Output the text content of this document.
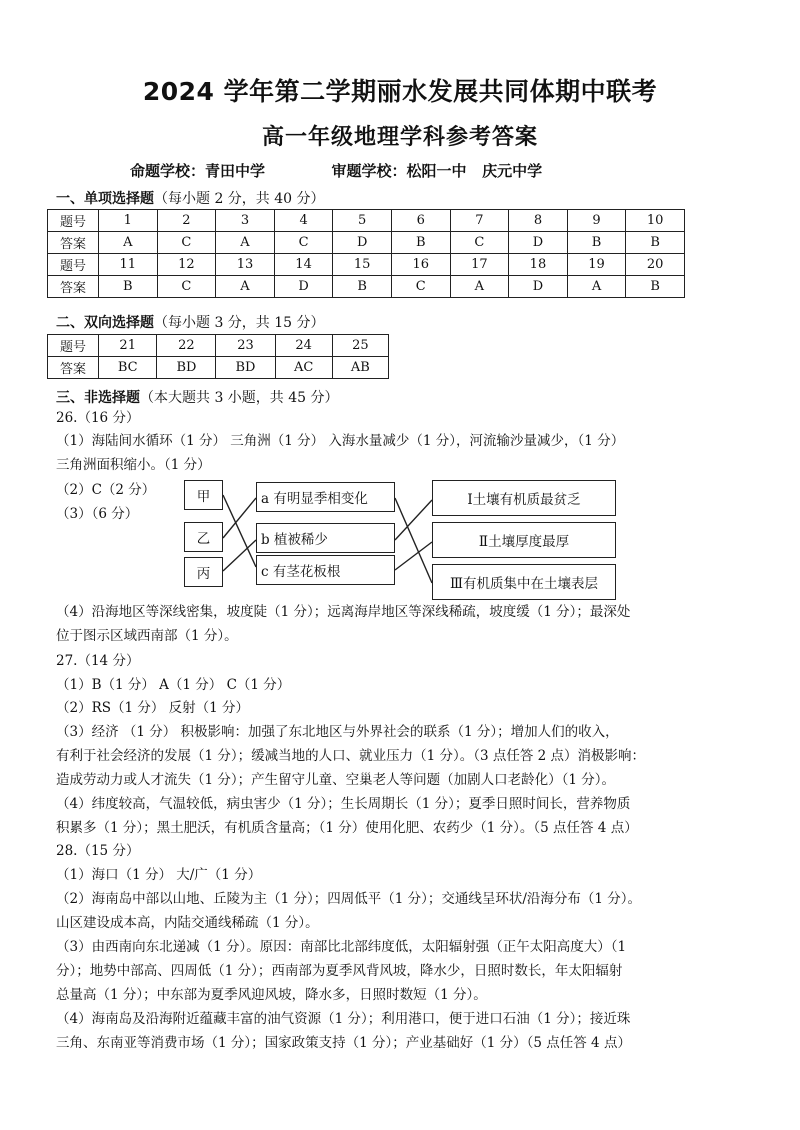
2024 学年第二学期丽水发展共同体期中联考
高一年级地理学科参考答案
命题学校：青田中学	审题学校：松阳一中   庆元中学
一、单项选择题（每小题 2 分，共 40 分）
题号	1	2	3	4	5	6	7	8	9	10
答案	A	C	A	C	D	B	C	D	B	B
题号	11	12	13	14	15	16	17	18	19	20
答案	B	C	A	D	B	C	A	D	A	B
二、双向选择题（每小题 3 分，共 15 分）
题号	21	22	23	24	25
答案	BC	BD	BD	AC	AB
三、非选择题（本大题共 3 小题，共 45 分）
26.（16 分）
（1）海陆间水循环（1 分） 三角洲（1 分） 入海水量减少（1 分），河流输沙量减少，（1 分）
三角洲面积缩小。（1 分）
（2）C（2 分）
（3）（6 分）
甲
乙
丙
a 有明显季相变化
b 植被稀少
c 有茎花板根
Ⅰ土壤有机质最贫乏
Ⅱ土壤厚度最厚
Ⅲ有机质集中在土壤表层
（4）沿海地区等深线密集，坡度陡（1 分）；远离海岸地区等深线稀疏，坡度缓（1 分）；最深处
位于图示区域西南部（1 分）。
27.（14 分）
（1）B（1 分） A（1 分） C（1 分）
（2）RS（1 分） 反射（1 分）
（3）经济 （1 分） 积极影响：加强了东北地区与外界社会的联系（1 分）；增加人们的收入，
有利于社会经济的发展（1 分）；缓减当地的人口、就业压力（1 分）。（3 点任答 2 点）消极影响：
造成劳动力或人才流失（1 分）；产生留守儿童、空巢老人等问题（加剧人口老龄化）（1 分）。
（4）纬度较高，气温较低，病虫害少（1 分）；生长周期长（1 分）；夏季日照时间长，营养物质
积累多（1 分）；黑土肥沃，有机质含量高；（1 分）使用化肥、农药少（1 分）。（5 点任答 4 点）
28.（15 分）
（1）海口（1 分） 大/广（1 分）
（2）海南岛中部以山地、丘陵为主（1 分）；四周低平（1 分）；交通线呈环状/沿海分布（1 分）。
山区建设成本高，内陆交通线稀疏（1 分）。
（3）由西南向东北递减（1 分）。原因：南部比北部纬度低，太阳辐射强（正午太阳高度大）（1
分）；地势中部高、四周低（1 分）；西南部为夏季风背风坡，降水少，日照时数长，年太阳辐射
总量高（1 分）；中东部为夏季风迎风坡，降水多，日照时数短（1 分）。
（4）海南岛及沿海附近蕴藏丰富的油气资源（1 分）；利用港口，便于进口石油（1 分）；接近珠
三角、东南亚等消费市场（1 分）；国家政策支持（1 分）；产业基础好（1 分）（5 点任答 4 点）
